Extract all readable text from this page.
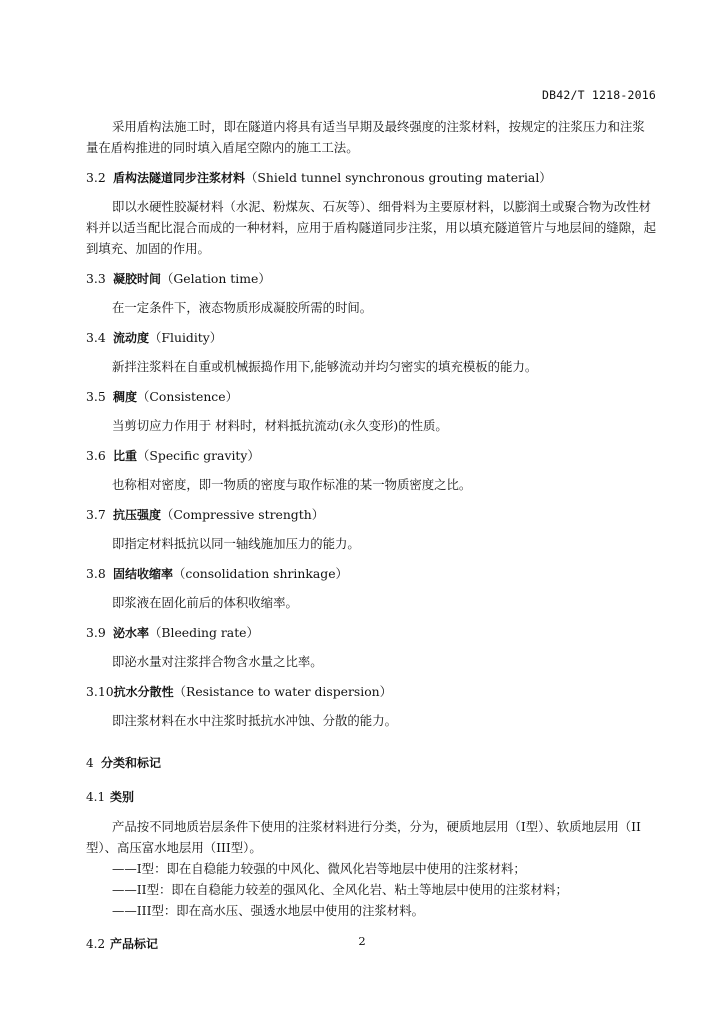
DB42/T 1218-2016

采用盾构法施工时，即在隧道内将具有适当早期及最终强度的注浆材料，按规定的注浆压力和注浆量在盾构推进的同时填入盾尾空隙内的施工工法。

3.2 盾构法隧道同步注浆材料（Shield tunnel synchronous grouting material）

即以水硬性胶凝材料（水泥、粉煤灰、石灰等）、细骨料为主要原材料，以膨润土或聚合物为改性材料并以适当配比混合而成的一种材料，应用于盾构隧道同步注浆，用以填充隧道管片与地层间的缝隙，起到填充、加固的作用。

3.3 凝胶时间（Gelation time）

在一定条件下，液态物质形成凝胶所需的时间。

3.4 流动度（Fluidity）

新拌注浆料在自重或机械振捣作用下,能够流动并均匀密实的填充模板的能力。

3.5 稠度（Consistence）

当剪切应力作用于 材料时，材料抵抗流动(永久变形)的性质。

3.6 比重（Specific gravity）

也称相对密度，即一物质的密度与取作标准的某一物质密度之比。

3.7 抗压强度（Compressive strength）

即指定材料抵抗以同一轴线施加压力的能力。

3.8 固结收缩率（consolidation shrinkage）

即浆液在固化前后的体积收缩率。

3.9 泌水率（Bleeding rate）

即泌水量对注浆拌合物含水量之比率。

3.10抗水分散性（Resistance to water dispersion）

即注浆材料在水中注浆时抵抗水冲蚀、分散的能力。

4 分类和标记
4.1 类别

产品按不同地质岩层条件下使用的注浆材料进行分类，分为，硬质地层用（I型）、软质地层用（II型）、高压富水地层用（III型）。

——I型：即在自稳能力较强的中风化、微风化岩等地层中使用的注浆材料；

——II型：即在自稳能力较差的强风化、全风化岩、粘土等地层中使用的注浆材料；

——III型：即在高水压、强透水地层中使用的注浆材料。

4.2 产品标记	2
